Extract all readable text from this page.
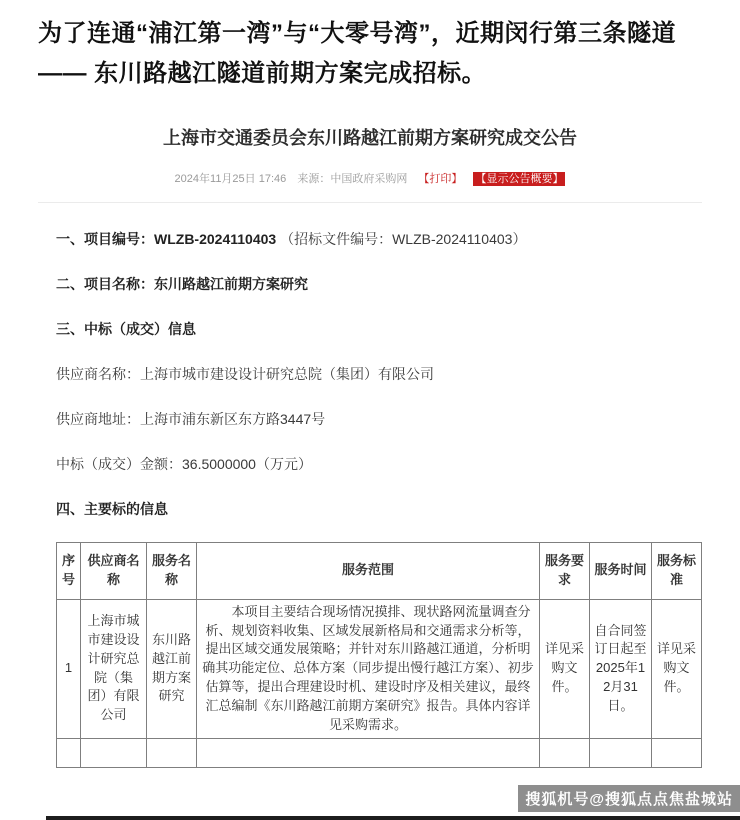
为了连通“浦江第一湾”与“大零号湾”，近期闵行第三条隧道 —— 东川路越江隧道前期方案完成招标。
上海市交通委员会东川路越江前期方案研究成交公告
2024年11月25日 17:46 来源：中国政府采购网 【打印】 【显示公告概要】

一、项目编号：WLZB-2024110403 （招标文件编号：WLZB-2024110403）

二、项目名称：东川路越江前期方案研究

三、中标（成交）信息

供应商名称：上海市城市建设设计研究总院（集团）有限公司

供应商地址：上海市浦东新区东方路3447号

中标（成交）金额：36.5000000（万元）

四、主要标的信息

序号	供应商名称	服务名称	服务范围	服务要求	服务时间	服务标准
1	上海市城市建设设计研究总院（集团）有限公司	东川路越江前期方案研究	本项目主要结合现场情况摸排、现状路网流量调查分析、规划资料收集、区域发展新格局和交通需求分析等，提出区域交通发展策略；并针对东川路越江通道，分析明确其功能定位、总体方案（同步提出慢行越江方案）、初步估算等，提出合理建设时机、建设时序及相关建议，最终汇总编制《东川路越江前期方案研究》报告。具体内容详见采购需求。	详见采购文件。	自合同签订日起至2025年12月31日。	详见采购文件。

搜狐机号@搜狐点点焦盐城站
